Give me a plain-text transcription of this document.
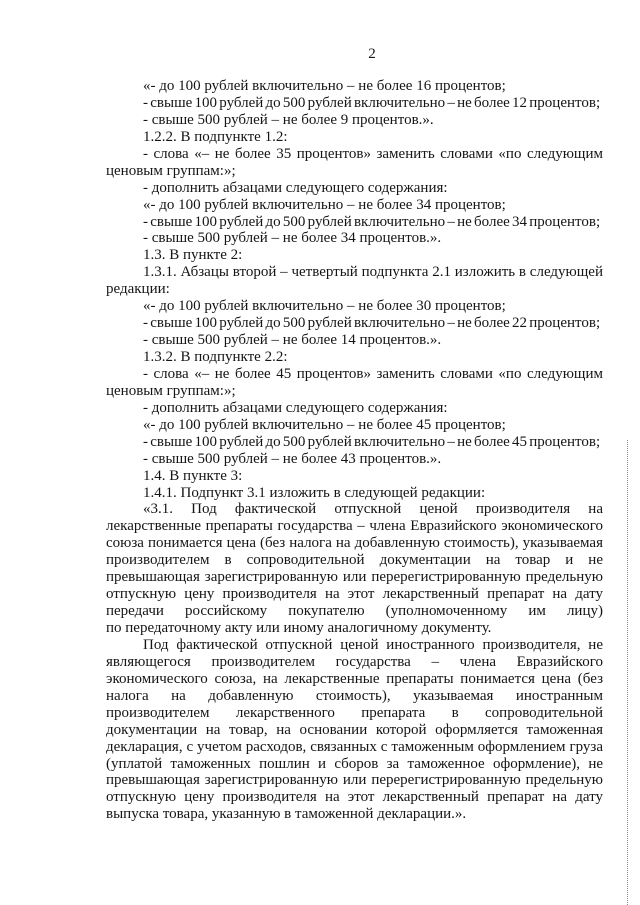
2
«- до 100 рублей включительно – не более 16 процентов;
- свыше 100 рублей до 500 рублей включительно – не более 12 процентов;
- свыше 500 рублей – не более 9 процентов.».
1.2.2. В подпункте 1.2:
- слова «– не более 35 процентов» заменить словами «по следующим
ценовым группам:»;
- дополнить абзацами следующего содержания:
«- до 100 рублей включительно – не более 34 процентов;
- свыше 100 рублей до 500 рублей включительно – не более 34 процентов;
- свыше 500 рублей – не более 34 процентов.».
1.3. В пункте 2:
1.3.1. Абзацы второй – четвертый подпункта 2.1 изложить в следующей
редакции:
«- до 100 рублей включительно – не более 30 процентов;
- свыше 100 рублей до 500 рублей включительно – не более 22 процентов;
- свыше 500 рублей – не более 14 процентов.».
1.3.2. В подпункте 2.2:
- слова «– не более 45 процентов» заменить словами «по следующим
ценовым группам:»;
- дополнить абзацами следующего содержания:
«- до 100 рублей включительно – не более 45 процентов;
- свыше 100 рублей до 500 рублей включительно – не более 45 процентов;
- свыше 500 рублей – не более 43 процентов.».
1.4. В пункте 3:
1.4.1. Подпункт 3.1 изложить в следующей редакции:
«3.1. Под фактической отпускной ценой производителя на
лекарственные препараты государства – члена Евразийского экономического
союза понимается цена (без налога на добавленную стоимость), указываемая
производителем в сопроводительной документации на товар и не
превышающая зарегистрированную или перерегистрированную предельную
отпускную цену производителя на этот лекарственный препарат на дату
передачи российскому покупателю (уполномоченному им лицу)
по передаточному акту или иному аналогичному документу.
Под фактической отпускной ценой иностранного производителя, не
являющегося производителем государства – члена Евразийского
экономического союза, на лекарственные препараты понимается цена (без
налога на добавленную стоимость), указываемая иностранным
производителем лекарственного препарата в сопроводительной
документации на товар, на основании которой оформляется таможенная
декларация, с учетом расходов, связанных с таможенным оформлением груза
(уплатой таможенных пошлин и сборов за таможенное оформление), не
превышающая зарегистрированную или перерегистрированную предельную
отпускную цену производителя на этот лекарственный препарат на дату
выпуска товара, указанную в таможенной декларации.».
